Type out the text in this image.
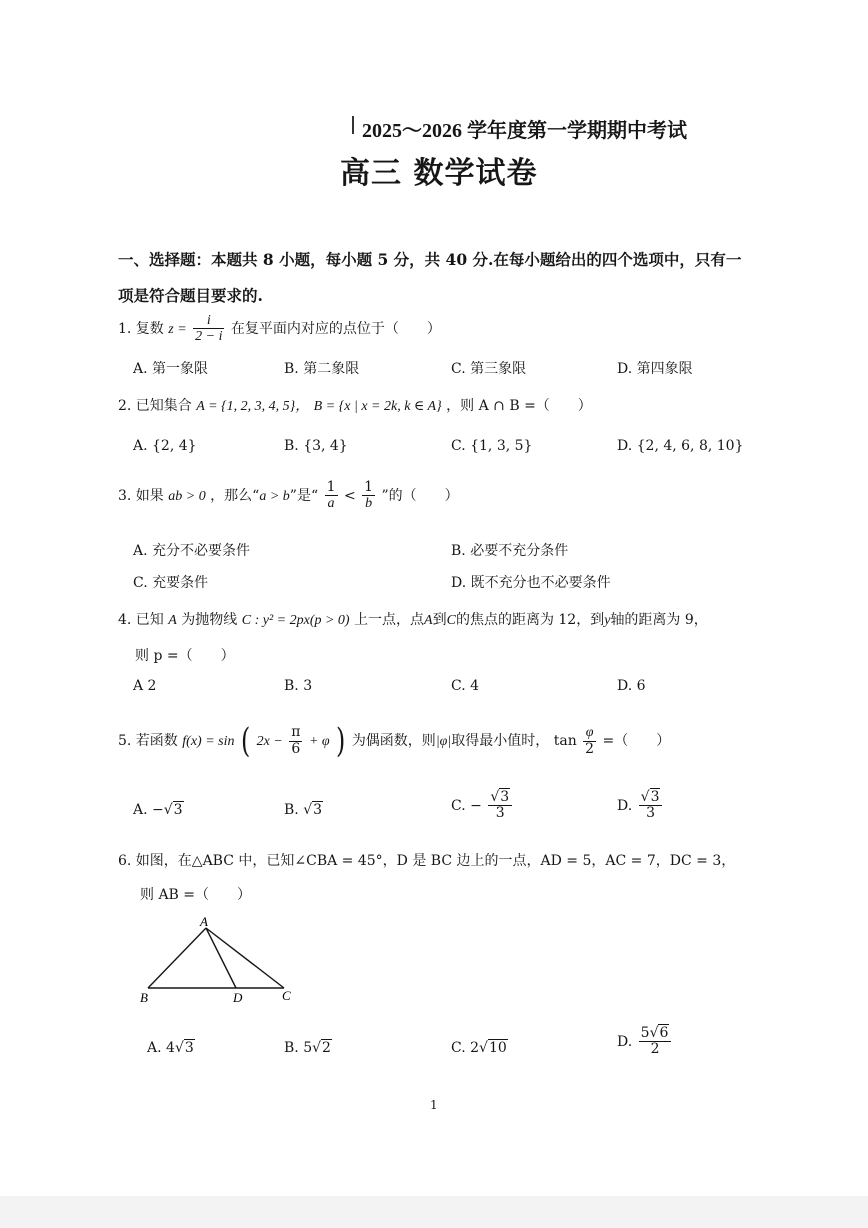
2025～2026 学年度第一学期期中考试
高三 数学试卷
一、选择题：本题共 8 小题，每小题 5 分，共 40 分.在每小题给出的四个选项中，只有一
项是符合题目要求的.
1. 复数 $z = \frac{i}{2 - i}$ 在复平面内对应的点位于（　　）
A. 第一象限	B. 第二象限	C. 第三象限	D. 第四象限
2. 已知集合 A = {1, 2, 3, 4, 5}， B = {x | x = 2k, k ∈ A} ，则 A ∩ B =（　　）
A. {2, 4}	B. {3, 4}	C. {1, 3, 5}	D. {2, 4, 6, 8, 10}
3. 如果 ab > 0 ，那么“a > b”是“ $\frac{1}{a} < \frac{1}{b}$ ”的（　　）
A. 充分不必要条件	B. 必要不充分条件
C. 充要条件	D. 既不充分也不必要条件
4. 已知 A 为抛物线 C : y² = 2px(p > 0) 上一点，点A到C的焦点的距离为 12，到y轴的距离为 9，
则 p =（　　）
A 2	B. 3	C. 4	D. 6
5. 若函数 f(x) = sin ( $2x - \frac{\pi}{6} + \varphi$ ) 为偶函数，则|φ|取得最小值时， $\tan \frac{\varphi}{2}$ =（　　）
A. −√3	B. √3	C. − $\frac{√3}{3}$	D. $\frac{√3}{3}$
6. 如图，在△ABC 中，已知∠CBA = 45°，D 是 BC 边上的一点，AD = 5，AC = 7，DC = 3，
则 AB =（　　）
A
B	D	C
A. 4√3	B. 5√2	C. 2√10	D. $\frac{5√6}{2}$
1
